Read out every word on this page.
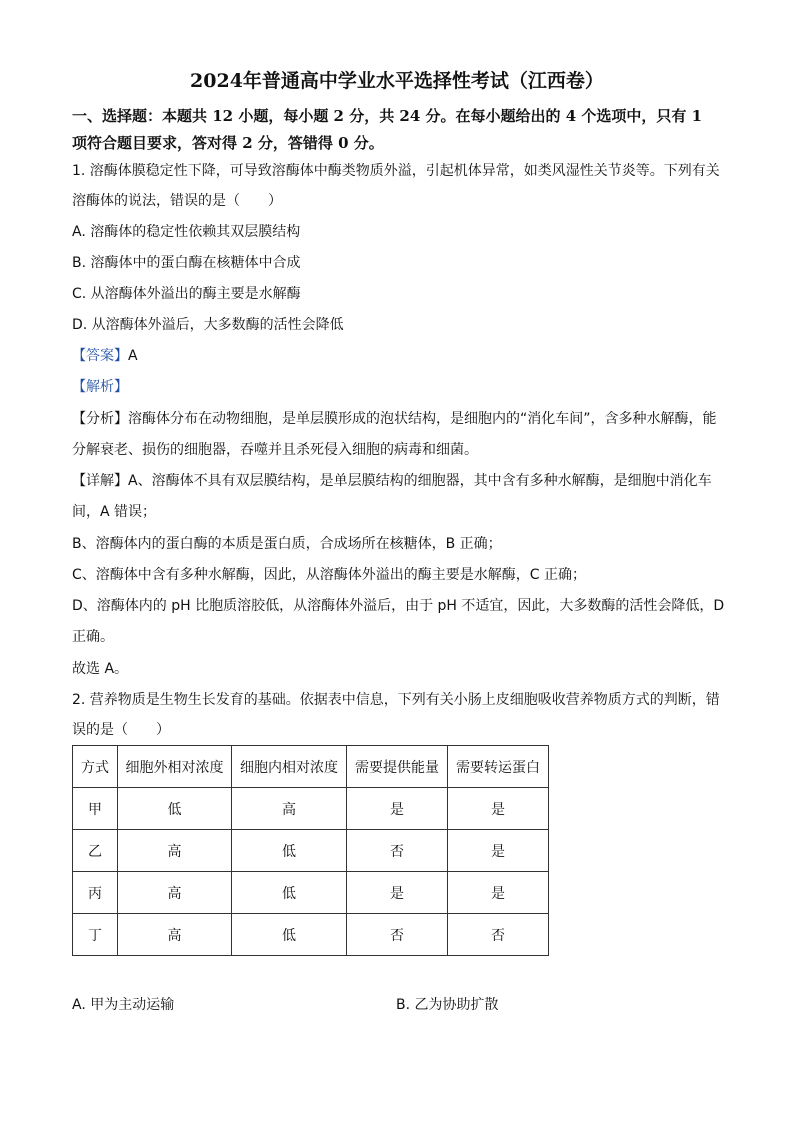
2024年普通高中学业水平选择性考试（江西卷）
一、选择题：本题共 12 小题，每小题 2 分，共 24 分。在每小题给出的 4 个选项中，只有 1
项符合题目要求，答对得 2 分，答错得 0 分。
1. 溶酶体膜稳定性下降，可导致溶酶体中酶类物质外溢，引起机体异常，如类风湿性关节炎等。下列有关
溶酶体的说法，错误的是（　　）
A. 溶酶体的稳定性依赖其双层膜结构
B. 溶酶体中的蛋白酶在核糖体中合成
C. 从溶酶体外溢出的酶主要是水解酶
D. 从溶酶体外溢后，大多数酶的活性会降低
【答案】A
【解析】
【分析】溶酶体分布在动物细胞，是单层膜形成的泡状结构，是细胞内的“消化车间”，含多种水解酶，能
分解衰老、损伤的细胞器，吞噬并且杀死侵入细胞的病毒和细菌。
【详解】A、溶酶体不具有双层膜结构，是单层膜结构的细胞器，其中含有多种水解酶，是细胞中消化车
间，A 错误；
B、溶酶体内的蛋白酶的本质是蛋白质，合成场所在核糖体，B 正确；
C、溶酶体中含有多种水解酶，因此，从溶酶体外溢出的酶主要是水解酶，C 正确；
D、溶酶体内的 pH 比胞质溶胶低，从溶酶体外溢后，由于 pH 不适宜，因此，大多数酶的活性会降低，D
正确。
故选 A。
2. 营养物质是生物生长发育的基础。依据表中信息，下列有关小肠上皮细胞吸收营养物质方式的判断，错
误的是（　　）
方式	细胞外相对浓度	细胞内相对浓度	需要提供能量	需要转运蛋白
甲	低	高	是	是
乙	高	低	否	是
丙	高	低	是	是
丁	高	低	否	否
A. 甲为主动运输	B. 乙为协助扩散
